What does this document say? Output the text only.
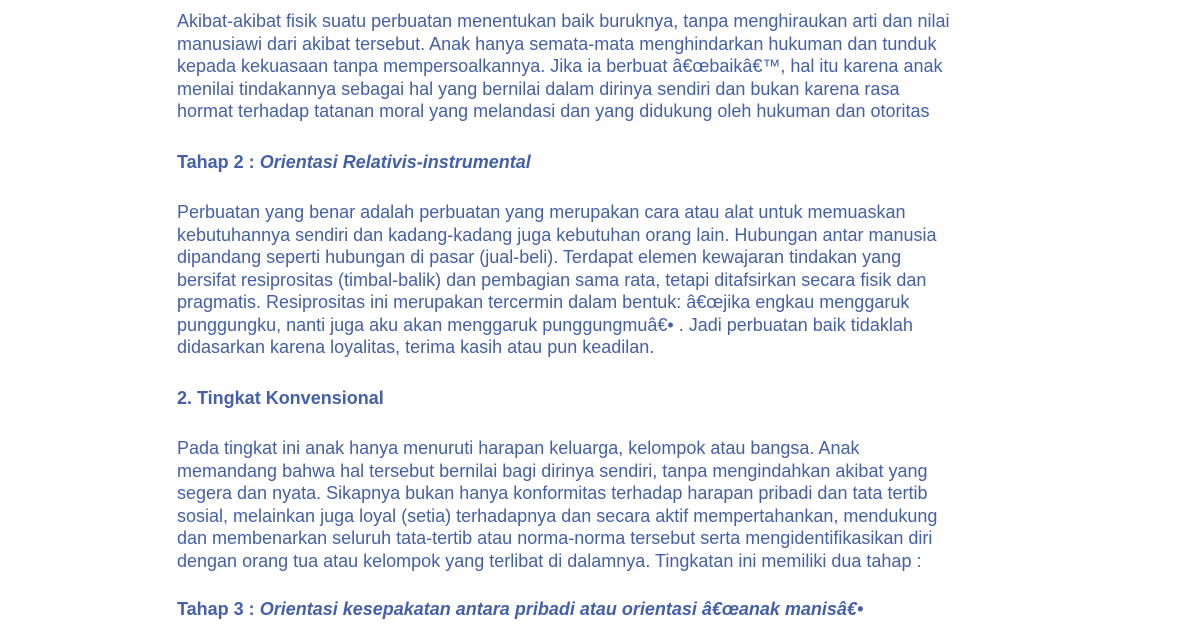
Akibat-akibat fisik suatu perbuatan menentukan baik buruknya, tanpa menghiraukan arti dan nilai
manusiawi dari akibat tersebut. Anak hanya semata-mata menghindarkan hukuman dan tunduk
kepada kekuasaan tanpa mempersoalkannya. Jika ia berbuat â€œbaikâ€™, hal itu karena anak
menilai tindakannya sebagai hal yang bernilai dalam dirinya sendiri dan bukan karena rasa
hormat terhadap tatanan moral yang melandasi dan yang didukung oleh hukuman dan otoritas

Tahap 2 : Orientasi Relativis-instrumental

Perbuatan yang benar adalah perbuatan yang merupakan cara atau alat untuk memuaskan
kebutuhannya sendiri dan kadang-kadang juga kebutuhan orang lain. Hubungan antar manusia
dipandang seperti hubungan di pasar (jual-beli). Terdapat elemen kewajaran tindakan yang
bersifat resiprositas (timbal-balik) dan pembagian sama rata, tetapi ditafsirkan secara fisik dan
pragmatis. Resiprositas ini merupakan tercermin dalam bentuk: â€œjika engkau menggaruk
punggungku, nanti juga aku akan menggaruk punggungmuâ€• . Jadi perbuatan baik tidaklah
didasarkan karena loyalitas, terima kasih atau pun keadilan.

2. Tingkat Konvensional

Pada tingkat ini anak hanya menuruti harapan keluarga, kelompok atau bangsa. Anak
memandang bahwa hal tersebut bernilai bagi dirinya sendiri, tanpa mengindahkan akibat yang
segera dan nyata. Sikapnya bukan hanya konformitas terhadap harapan pribadi dan tata tertib
sosial, melainkan juga loyal (setia) terhadapnya dan secara aktif mempertahankan, mendukung
dan membenarkan seluruh tata-tertib atau norma-norma tersebut serta mengidentifikasikan diri
dengan orang tua atau kelompok yang terlibat di dalamnya. Tingkatan ini memiliki dua tahap :

Tahap 3 : Orientasi kesepakatan antara pribadi atau orientasi â€œanak manisâ€•
